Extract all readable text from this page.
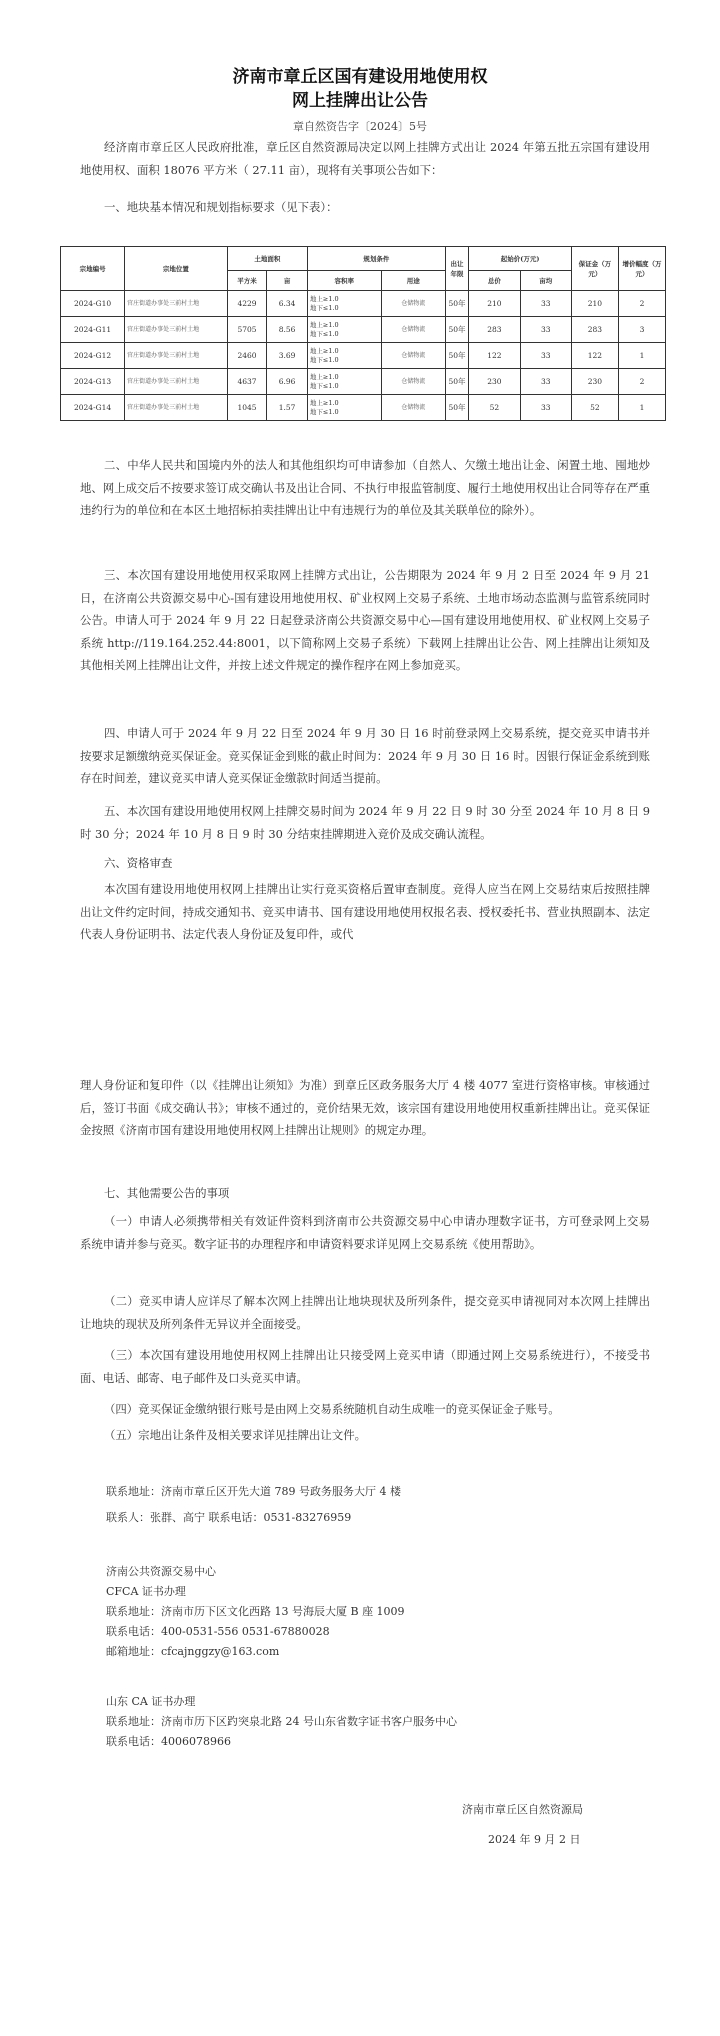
济南市章丘区国有建设用地使用权
网上挂牌出让公告
章自然资告字〔2024〕5号
经济南市章丘区人民政府批准，章丘区自然资源局决定以网上挂牌方式出让 2024 年第五批五宗国有建设用地使用权、面积 18076 平方米（ 27.11 亩），现将有关事项公告如下：
一、地块基本情况和规划指标要求（见下表）：
宗地编号	宗地位置	土地面积		规划条件		出让年限	起始价(万元)		保证金（万元）	增价幅度（万元）
		平方米	亩	容积率	用途		总价	亩均		
2024-G10	官庄街道办事处三前村土地	4229	6.34	地上≥1.0
地下≤1.0	仓储物流	50年	210	33	210	2
2024-G11	官庄街道办事处三前村土地	5705	8.56	地上≥1.0
地下≤1.0	仓储物流	50年	283	33	283	3
2024-G12	官庄街道办事处三前村土地	2460	3.69	地上≥1.0
地下≤1.0	仓储物流	50年	122	33	122	1
2024-G13	官庄街道办事处三前村土地	4637	6.96	地上≥1.0
地下≤1.0	仓储物流	50年	230	33	230	2
2024-G14	官庄街道办事处三前村土地	1045	1.57	地上≥1.0
地下≤1.0	仓储物流	50年	52	33	52	1
二、中华人民共和国境内外的法人和其他组织均可申请参加（自然人、欠缴土地出让金、闲置土地、囤地炒地、网上成交后不按要求签订成交确认书及出让合同、不执行申报监管制度、履行土地使用权出让合同等存在严重违约行为的单位和在本区土地招标拍卖挂牌出让中有违规行为的单位及其关联单位的除外）。
三、本次国有建设用地使用权采取网上挂牌方式出让，公告期限为 2024 年 9 月 2 日至 2024 年 9 月 21 日，在济南公共资源交易中心-国有建设用地使用权、矿业权网上交易子系统、土地市场动态监测与监管系统同时公告。申请人可于 2024 年 9 月 22 日起登录济南公共资源交易中心—国有建设用地使用权、矿业权网上交易子系统 http://119.164.252.44:8001，以下简称网上交易子系统）下载网上挂牌出让公告、网上挂牌出让须知及其他相关网上挂牌出让文件，并按上述文件规定的操作程序在网上参加竞买。
四、申请人可于 2024 年 9 月 22 日至 2024 年 9 月 30 日 16 时前登录网上交易系统，提交竞买申请书并按要求足额缴纳竞买保证金。竞买保证金到账的截止时间为：2024 年 9 月 30 日 16 时。因银行保证金系统到账存在时间差，建议竞买申请人竞买保证金缴款时间适当提前。
五、本次国有建设用地使用权网上挂牌交易时间为 2024 年 9 月 22 日 9 时 30 分至 2024 年 10 月 8 日 9 时 30 分；2024 年 10 月 8 日 9 时 30 分结束挂牌期进入竞价及成交确认流程。
六、资格审查
本次国有建设用地使用权网上挂牌出让实行竞买资格后置审查制度。竞得人应当在网上交易结束后按照挂牌出让文件约定时间，持成交通知书、竞买申请书、国有建设用地使用权报名表、授权委托书、营业执照副本、法定代表人身份证明书、法定代表人身份证及复印件，或代
理人身份证和复印件（以《挂牌出让须知》为准）到章丘区政务服务大厅 4 楼 4077 室进行资格审核。审核通过后，签订书面《成交确认书》；审核不通过的，竞价结果无效，该宗国有建设用地使用权重新挂牌出让。竞买保证金按照《济南市国有建设用地使用权网上挂牌出让规则》的规定办理。
七、其他需要公告的事项
（一）申请人必须携带相关有效证件资料到济南市公共资源交易中心申请办理数字证书，方可登录网上交易系统申请并参与竞买。数字证书的办理程序和申请资料要求详见网上交易系统《使用帮助》。
（二）竞买申请人应详尽了解本次网上挂牌出让地块现状及所列条件，提交竞买申请视同对本次网上挂牌出让地块的现状及所列条件无异议并全面接受。
（三）本次国有建设用地使用权网上挂牌出让只接受网上竞买申请（即通过网上交易系统进行），不接受书面、电话、邮寄、电子邮件及口头竞买申请。
（四）竞买保证金缴纳银行账号是由网上交易系统随机自动生成唯一的竞买保证金子账号。
（五）宗地出让条件及相关要求详见挂牌出让文件。
联系地址：济南市章丘区开先大道 789 号政务服务大厅 4 楼
联系人：张群、高宁 联系电话：0531-83276959
济南公共资源交易中心
CFCA 证书办理
联系地址：济南市历下区文化西路 13 号海辰大厦 B 座 1009
联系电话：400-0531-556 0531-67880028
邮箱地址：cfcajnggzy@163.com
山东 CA 证书办理
联系地址：济南市历下区趵突泉北路 24 号山东省数字证书客户服务中心
联系电话：4006078966
济南市章丘区自然资源局
2024 年 9 月 2 日
